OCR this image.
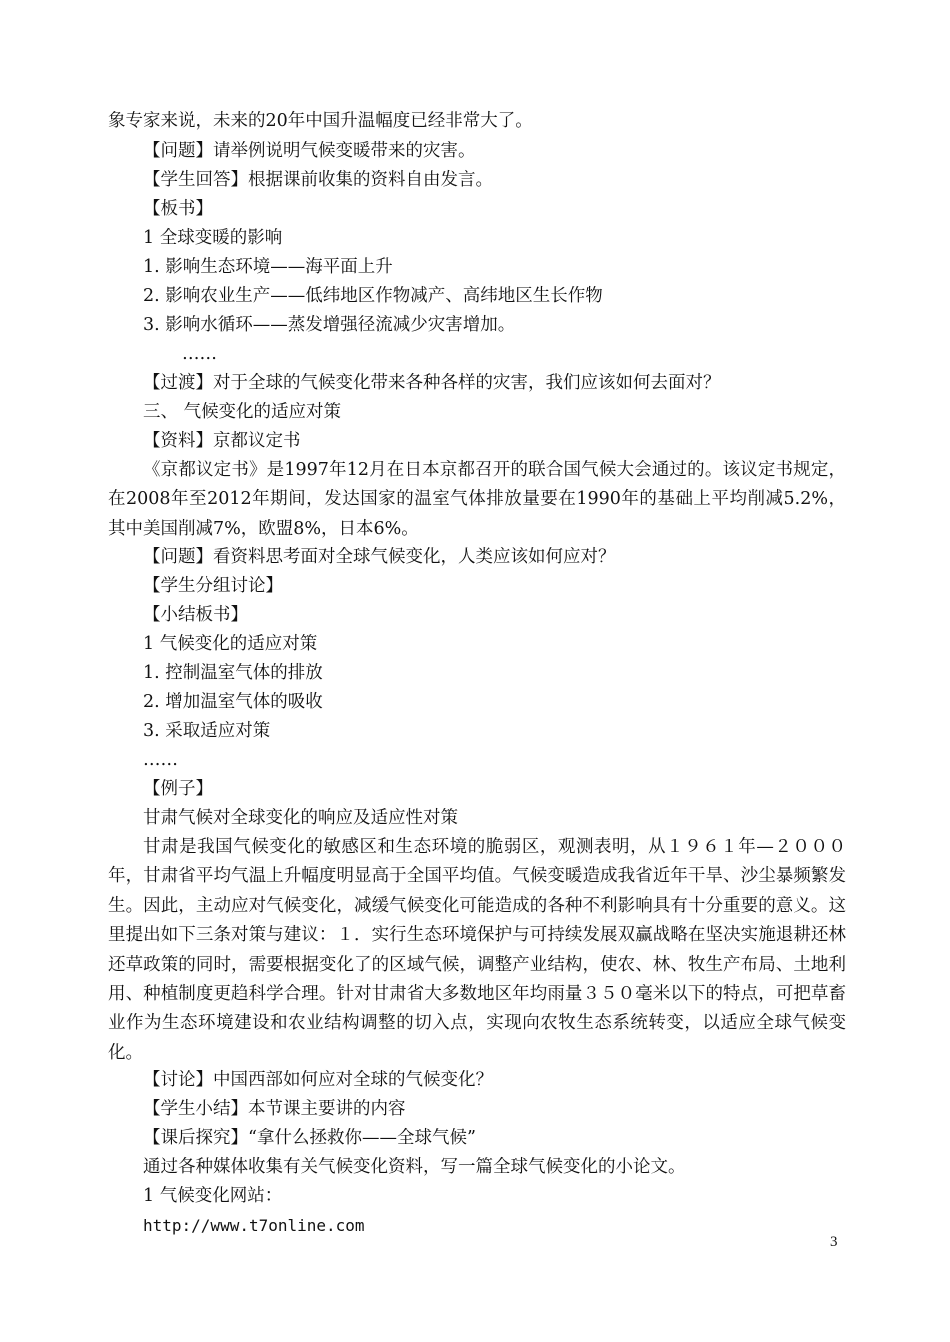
象专家来说，未来的20年中国升温幅度已经非常大了。
【问题】请举例说明气候变暖带来的灾害。
【学生回答】根据课前收集的资料自由发言。
【板书】
1 全球变暖的影响
1. 影响生态环境——海平面上升
2. 影响农业生产——低纬地区作物减产、高纬地区生长作物
3. 影响水循环——蒸发增强径流减少灾害增加。
……
【过渡】对于全球的气候变化带来各种各样的灾害，我们应该如何去面对？
三、 气候变化的适应对策
【资料】京都议定书
《京都议定书》是1997年12月在日本京都召开的联合国气候大会通过的。该议定书规定，在2008年至2012年期间，发达国家的温室气体排放量要在1990年的基础上平均削减5.2%，其中美国削减7%，欧盟8%，日本6%。
【问题】看资料思考面对全球气候变化，人类应该如何应对？
【学生分组讨论】
【小结板书】
1 气候变化的适应对策
1. 控制温室气体的排放
2. 增加温室气体的吸收
3. 采取适应对策
……
【例子】
甘肃气候对全球变化的响应及适应性对策
甘肃是我国气候变化的敏感区和生态环境的脆弱区，观测表明，从１９６１年—２０００年，甘肃省平均气温上升幅度明显高于全国平均值。气候变暖造成我省近年干旱、沙尘暴频繁发生。因此，主动应对气候变化，减缓气候变化可能造成的各种不利影响具有十分重要的意义。这里提出如下三条对策与建议：１．实行生态环境保护与可持续发展双赢战略在坚决实施退耕还林还草政策的同时，需要根据变化了的区域气候，调整产业结构，使农、林、牧生产布局、土地利用、种植制度更趋科学合理。针对甘肃省大多数地区年均雨量３５０毫米以下的特点，可把草畜业作为生态环境建设和农业结构调整的切入点，实现向农牧生态系统转变，以适应全球气候变化。
【讨论】中国西部如何应对全球的气候变化？
【学生小结】本节课主要讲的内容
【课后探究】“拿什么拯救你——全球气候”
通过各种媒体收集有关气候变化资料，写一篇全球气候变化的小论文。
1 气候变化网站：
http://www.t7online.com
3
